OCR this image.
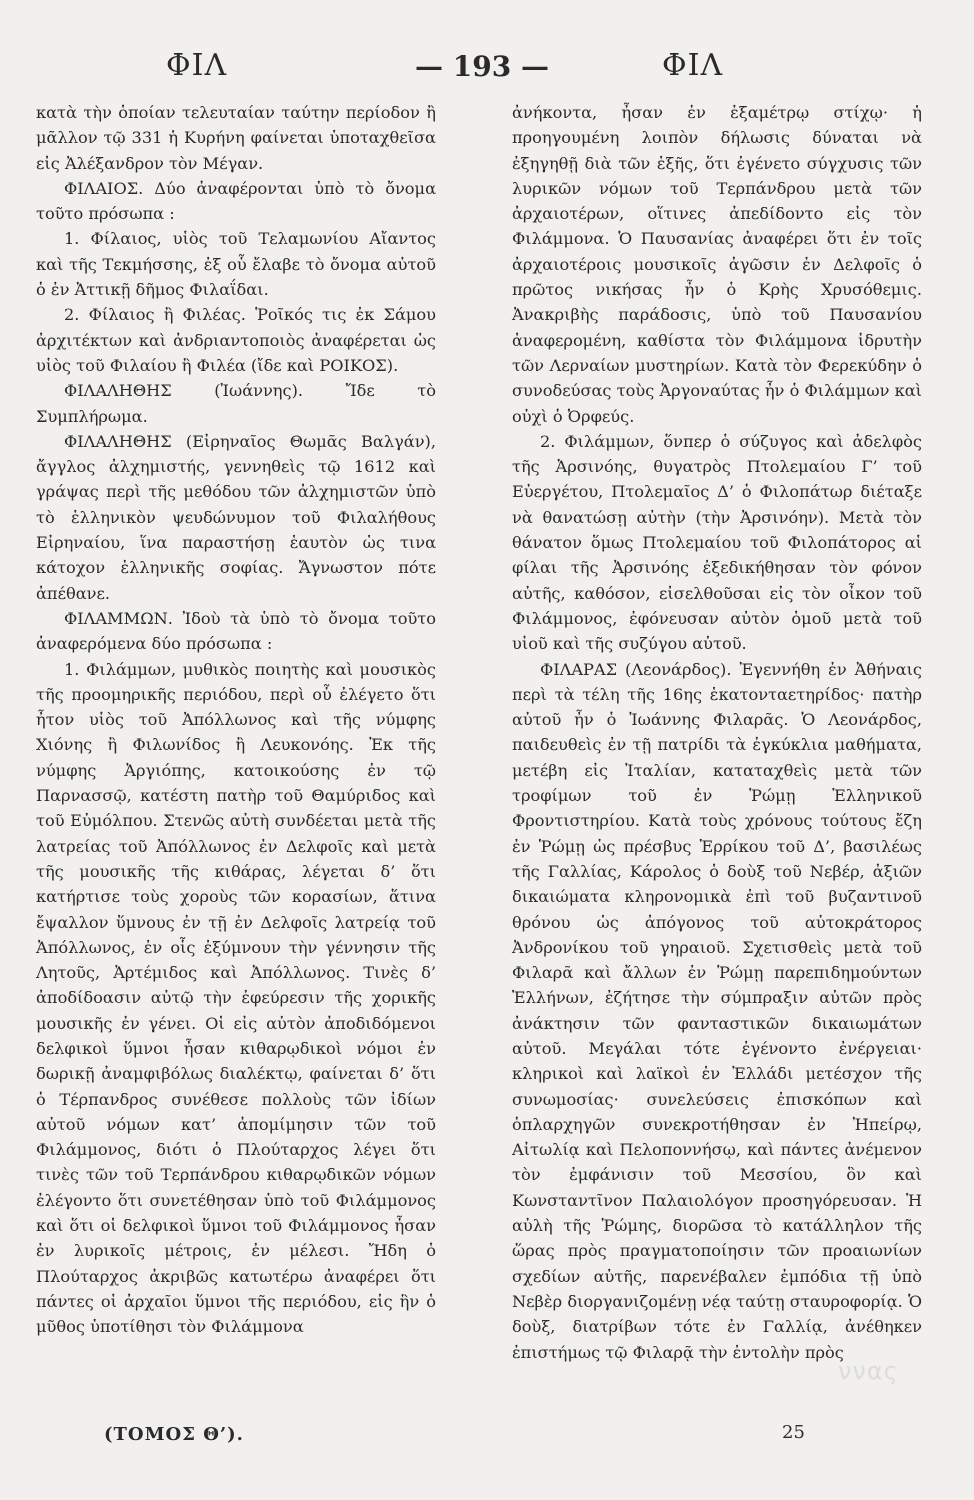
ΦΙΛ	— 193 —	ΦΙΛ

κατὰ τὴν ὁποίαν τελευταίαν ταύτην περίοδον ἢ μᾶλλον τῷ 331 ἡ Κυρήνη φαίνεται ὑποταχθεῖσα εἰς Ἀλέξανδρον τὸν Μέγαν.

ΦΙΛΑΙΟΣ. Δύο ἀναφέρονται ὑπὸ τὸ ὄνομα τοῦτο πρόσωπα :

1. Φίλαιος, υἱὸς τοῦ Τελαμωνίου Αἴαντος καὶ τῆς Τεκμήσσης, ἐξ οὗ ἔλαβε τὸ ὄνομα αὐτοῦ ὁ ἐν Ἀττικῇ δῆμος Φιλαΐδαι.

2. Φίλαιος ἢ Φιλέας. Ῥοῖκός τις ἐκ Σάμου ἀρχιτέκτων καὶ ἀνδριαντοποιὸς ἀναφέρεται ὡς υἱὸς τοῦ Φιλαίου ἢ Φιλέα (ἴδε καὶ ΡΟΙΚΟΣ).

ΦΙΛΑΛΗΘΗΣ (Ἰωάννης). Ἴδε τὸ Συμπλήρωμα.

ΦΙΛΑΛΗΘΗΣ (Εἰρηναῖος Θωμᾶς Βαλγάν), ἄγγλος ἀλχημιστής, γεννηθεὶς τῷ 1612 καὶ γράψας περὶ τῆς μεθόδου τῶν ἀλχημιστῶν ὑπὸ τὸ ἑλληνικὸν ψευδώνυμον τοῦ Φιλαλήθους Εἰρηναίου, ἵνα παραστήσῃ ἑαυτὸν ὡς τινα κάτοχον ἑλληνικῆς σοφίας. Ἄγνωστον πότε ἀπέθανε.

ΦΙΛΑΜΜΩΝ. Ἰδοὺ τὰ ὑπὸ τὸ ὄνομα τοῦτο ἀναφερόμενα δύο πρόσωπα :

1. Φιλάμμων, μυθικὸς ποιητὴς καὶ μουσικὸς τῆς προομηρικῆς περιόδου, περὶ οὗ ἐλέγετο ὅτι ἦτον υἱὸς τοῦ Ἀπόλλωνος καὶ τῆς νύμφης Χιόνης ἢ Φιλωνίδος ἢ Λευκονόης. Ἐκ τῆς νύμφης Ἀργιόπης, κατοικούσης ἐν τῷ Παρνασσῷ, κατέστη πατὴρ τοῦ Θαμύριδος καὶ τοῦ Εὐμόλπου. Στενῶς αὐτὴ συνδέεται μετὰ τῆς λατρείας τοῦ Ἀπόλλωνος ἐν Δελφοῖς καὶ μετὰ τῆς μουσικῆς τῆς κιθάρας, λέγεται δ’ ὅτι κατήρτισε τοὺς χοροὺς τῶν κορασίων, ἅτινα ἔψαλλον ὕμνους ἐν τῇ ἐν Δελφοῖς λατρείᾳ τοῦ Ἀπόλλωνος, ἐν οἷς ἐξύμνουν τὴν γέννησιν τῆς Λητοῦς, Ἀρτέμιδος καὶ Ἀπόλλωνος. Τινὲς δ’ ἀποδίδοασιν αὐτῷ τὴν ἐφεύρεσιν τῆς χορικῆς μουσικῆς ἐν γένει. Οἱ εἰς αὐτὸν ἀποδιδόμενοι δελφικοὶ ὕμνοι ἦσαν κιθαρῳδικοὶ νόμοι ἐν δωρικῇ ἀναμφιβόλως διαλέκτῳ, φαίνεται δ’ ὅτι ὁ Τέρπανδρος συνέθεσε πολλοὺς τῶν ἰδίων αὐτοῦ νόμων κατ’ ἀπομίμησιν τῶν τοῦ Φιλάμμονος, διότι ὁ Πλούταρχος λέγει ὅτι τινὲς τῶν τοῦ Τερπάνδρου κιθαρῳδικῶν νόμων ἐλέγοντο ὅτι συνετέθησαν ὑπὸ τοῦ Φιλάμμονος καὶ ὅτι οἱ δελφικοὶ ὕμνοι τοῦ Φιλάμμονος ἦσαν ἐν λυρικοῖς μέτροις, ἐν μέλεσι. Ἤδη ὁ Πλούταρχος ἀκριβῶς κατωτέρω ἀναφέρει ὅτι πάντες οἱ ἀρχαῖοι ὕμνοι τῆς περιόδου, εἰς ἣν ὁ μῦθος ὑποτίθησι τὸν Φιλάμμονα

ἀνήκοντα, ἦσαν ἐν ἑξαμέτρῳ στίχῳ· ἡ προηγουμένη λοιπὸν δήλωσις δύναται νὰ ἐξηγηθῇ διὰ τῶν ἑξῆς, ὅτι ἐγένετο σύγχυσις τῶν λυρικῶν νόμων τοῦ Τερπάνδρου μετὰ τῶν ἀρχαιοτέρων, οἵτινες ἀπεδίδοντο εἰς τὸν Φιλάμμονα. Ὁ Παυσανίας ἀναφέρει ὅτι ἐν τοῖς ἀρχαιοτέροις μουσικοῖς ἀγῶσιν ἐν Δελφοῖς ὁ πρῶτος νικήσας ἦν ὁ Κρὴς Χρυσόθεμις. Ἀνακριβὴς παράδοσις, ὑπὸ τοῦ Παυσανίου ἀναφερομένη, καθίστα τὸν Φιλάμμονα ἱδρυτὴν τῶν Λερναίων μυστηρίων. Κατὰ τὸν Φερεκύδην ὁ συνοδεύσας τοὺς Ἀργοναύτας ἦν ὁ Φιλάμμων καὶ οὐχὶ ὁ Ὀρφεύς.

2. Φιλάμμων, ὅνπερ ὁ σύζυγος καὶ ἀδελφὸς τῆς Ἀρσινόης, θυγατρὸς Πτολεμαίου Γ’ τοῦ Εὐεργέτου, Πτολεμαῖος Δ’ ὁ Φιλοπάτωρ διέταξε νὰ θανατώσῃ αὐτὴν (τὴν Ἀρσινόην). Μετὰ τὸν θάνατον ὅμως Πτολεμαίου τοῦ Φιλοπάτορος αἱ φίλαι τῆς Ἀρσινόης ἐξεδικήθησαν τὸν φόνον αὐτῆς, καθόσον, εἰσελθοῦσαι εἰς τὸν οἶκον τοῦ Φιλάμμονος, ἐφόνευσαν αὐτὸν ὁμοῦ μετὰ τοῦ υἱοῦ καὶ τῆς συζύγου αὐτοῦ.

ΦΙΛΑΡΑΣ (Λεονάρδος). Ἐγεννήθη ἐν Ἀθήναις περὶ τὰ τέλη τῆς 16ης ἑκατονταετηρίδος· πατὴρ αὐτοῦ ἦν ὁ Ἰωάννης Φιλαρᾶς. Ὁ Λεονάρδος, παιδευθεὶς ἐν τῇ πατρίδι τὰ ἐγκύκλια μαθήματα, μετέβη εἰς Ἰταλίαν, καταταχθεὶς μετὰ τῶν τροφίμων τοῦ ἐν Ῥώμῃ Ἑλληνικοῦ Φροντιστηρίου. Κατὰ τοὺς χρόνους τούτους ἔζη ἐν Ῥώμῃ ὡς πρέσβυς Ἑρρίκου τοῦ Δ’, βασιλέως τῆς Γαλλίας, Κάρολος ὁ δοὺξ τοῦ Νεβέρ, ἀξιῶν δικαιώματα κληρονομικὰ ἐπὶ τοῦ βυζαντινοῦ θρόνου ὡς ἀπόγονος τοῦ αὐτοκράτορος Ἀνδρονίκου τοῦ γηραιοῦ. Σχετισθεὶς μετὰ τοῦ Φιλαρᾶ καὶ ἄλλων ἐν Ῥώμῃ παρεπιδημούντων Ἑλλήνων, ἐζήτησε τὴν σύμπραξιν αὐτῶν πρὸς ἀνάκτησιν τῶν φανταστικῶν δικαιωμάτων αὐτοῦ. Μεγάλαι τότε ἐγένοντο ἐνέργειαι· κληρικοὶ καὶ λαϊκοὶ ἐν Ἑλλάδι μετέσχον τῆς συνωμοσίας· συνελεύσεις ἐπισκόπων καὶ ὁπλαρχηγῶν συνεκροτήθησαν ἐν Ἠπείρῳ, Αἰτωλίᾳ καὶ Πελοποννήσῳ, καὶ πάντες ἀνέμενον τὸν ἐμφάνισιν τοῦ Μεσσίου, ὃν καὶ Κωνσταντῖνον Παλαιολόγον προσηγόρευσαν. Ἡ αὐλὴ τῆς Ῥώμης, διορῶσα τὸ κατάλληλον τῆς ὥρας πρὸς πραγματοποίησιν τῶν προαιωνίων σχεδίων αὐτῆς, παρενέβαλεν ἐμπόδια τῇ ὑπὸ Νεβὲρ διοργανιζομένῃ νέᾳ ταύτῃ σταυροφορίᾳ. Ὁ δοὺξ, διατρίβων τότε ἐν Γαλλίᾳ, ἀνέθηκεν ἐπιστήμως τῷ Φιλαρᾷ τὴν ἐντολὴν πρὸς

ννας
(ΤΟΜΟΣ Θ’).	25
